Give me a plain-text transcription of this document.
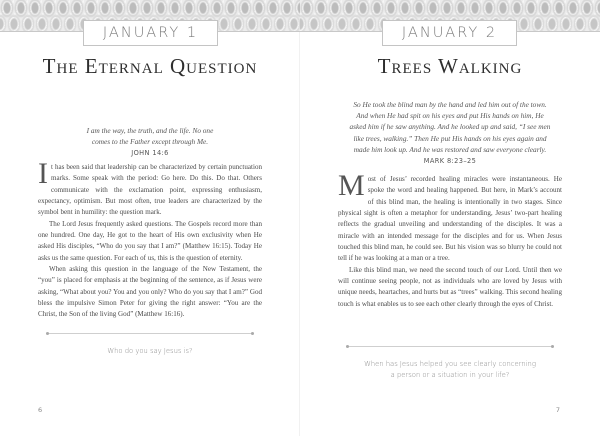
JANUARY 1
The Eternal Question
I am the way, the truth, and the life. No one
comes to the Father except through Me.
JOHN 14:6

It has been said that leadership can be characterized by certain punctuation marks. Some speak with the period: Go here. Do this. Do that. Others communicate with the exclamation point, expressing enthusiasm, expectancy, optimism. But most often, true leaders are characterized by the symbol bent in humility: the question mark.

The Lord Jesus frequently asked questions. The Gospels record more than one hundred. One day, He got to the heart of His own exclusivity when He asked His disciples, “Who do you say that I am?” (Matthew 16:15). Today He asks us the same question. For each of us, this is the question of eternity.

When asking this question in the language of the New Testament, the “you” is placed for emphasis at the beginning of the sentence, as if Jesus were asking, “What about you? You and you only? Who do you say that I am?” God bless the impulsive Simon Peter for giving the right answer: “You are the Christ, the Son of the living God” (Matthew 16:16).

Who do you say Jesus is?
6
JANUARY 2
Trees Walking
So He took the blind man by the hand and led him out of the town.
And when He had spit on his eyes and put His hands on him, He
asked him if he saw anything. And he looked up and said, “I see men
like trees, walking.” Then He put His hands on his eyes again and
made him look up. And he was restored and saw everyone clearly.
MARK 8:23–25

Most of Jesus’ recorded healing miracles were instantaneous. He spoke the word and healing happened. But here, in Mark’s account of this blind man, the healing is intentionally in two stages. Since physical sight is often a metaphor for understanding, Jesus’ two-part healing reflects the gradual unveiling and understanding of the disciples. It was a miracle with an intended message for the disciples and for us. When Jesus touched this blind man, he could see. But his vision was so blurry he could not tell if he was looking at a man or a tree.

Like this blind man, we need the second touch of our Lord. Until then we will continue seeing people, not as individuals who are loved by Jesus with unique needs, heartaches, and hurts but as “trees” walking. This second healing touch is what enables us to see each other clearly through the eyes of Christ.

When has Jesus helped you see clearly concerning
a person or a situation in your life?
7
